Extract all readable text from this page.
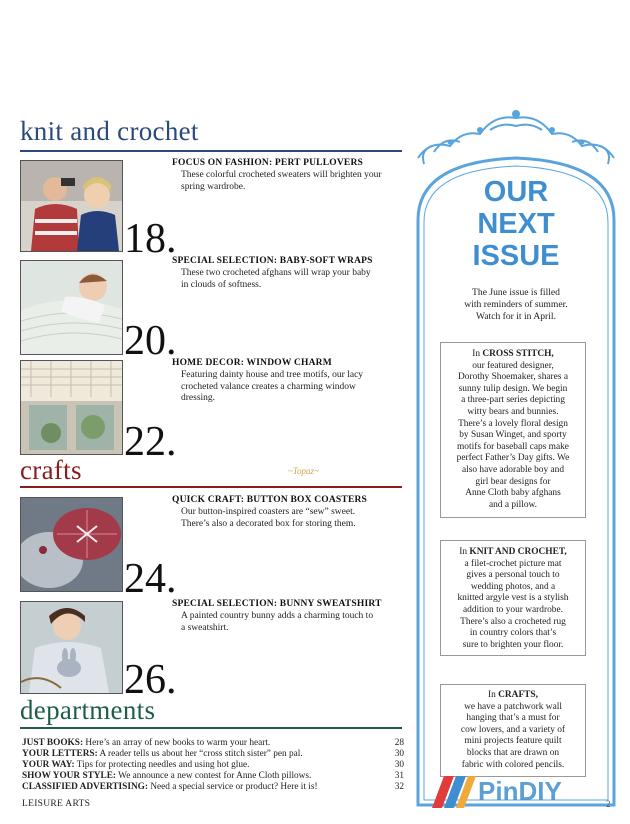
knit and crochet
18.
FOCUS ON FASHION: PERT PULLOVERS
These colorful crocheted sweaters will brighten your
spring wardrobe.
20.
SPECIAL SELECTION: BABY-SOFT WRAPS
These two crocheted afghans will wrap your baby
in clouds of softness.
22.
HOME DECOR: WINDOW CHARM
Featuring dainty house and tree motifs, our lacy
crocheted valance creates a charming window
dressing.
crafts	~Topaz~
24.
QUICK CRAFT: BUTTON BOX COASTERS
Our button-inspired coasters are “sew” sweet.
There’s also a decorated box for storing them.
26.
SPECIAL SELECTION: BUNNY SWEATSHIRT
A painted country bunny adds a charming touch to
a sweatshirt.
departments
JUST BOOKS: Here’s an array of new books to warm your heart.	28
YOUR LETTERS: A reader tells us about her “cross stitch sister” pen pal.	30
YOUR WAY: Tips for protecting needles and using hot glue.	30
SHOW YOUR STYLE: We announce a new contest for Anne Cloth pillows.	31
CLASSIFIED ADVERTISING: Need a special service or product? Here it is!	32
LEISURE ARTS
OUR
NEXT
ISSUE
The June issue is filled
with reminders of summer.
Watch for it in April.
In CROSS STITCH,
our featured designer,
Dorothy Shoemaker, shares a
sunny tulip design. We begin
a three-part series depicting
witty bears and bunnies.
There’s a lovely floral design
by Susan Winget, and sporty
motifs for baseball caps make
perfect Father’s Day gifts. We
also have adorable boy and
girl bear designs for
Anne Cloth baby afghans
and a pillow.
In KNIT AND CROCHET,
a filet-crochet picture mat
gives a personal touch to
wedding photos, and a
knitted argyle vest is a stylish
addition to your wardrobe.
There’s also a crocheted rug
in country colors that’s
sure to brighten your floor.
In CRAFTS,
we have a patchwork wall
hanging that’s a must for
cow lovers, and a variety of
mini projects feature quilt
blocks that are drawn on
fabric with colored pencils.
PinDIY	2
